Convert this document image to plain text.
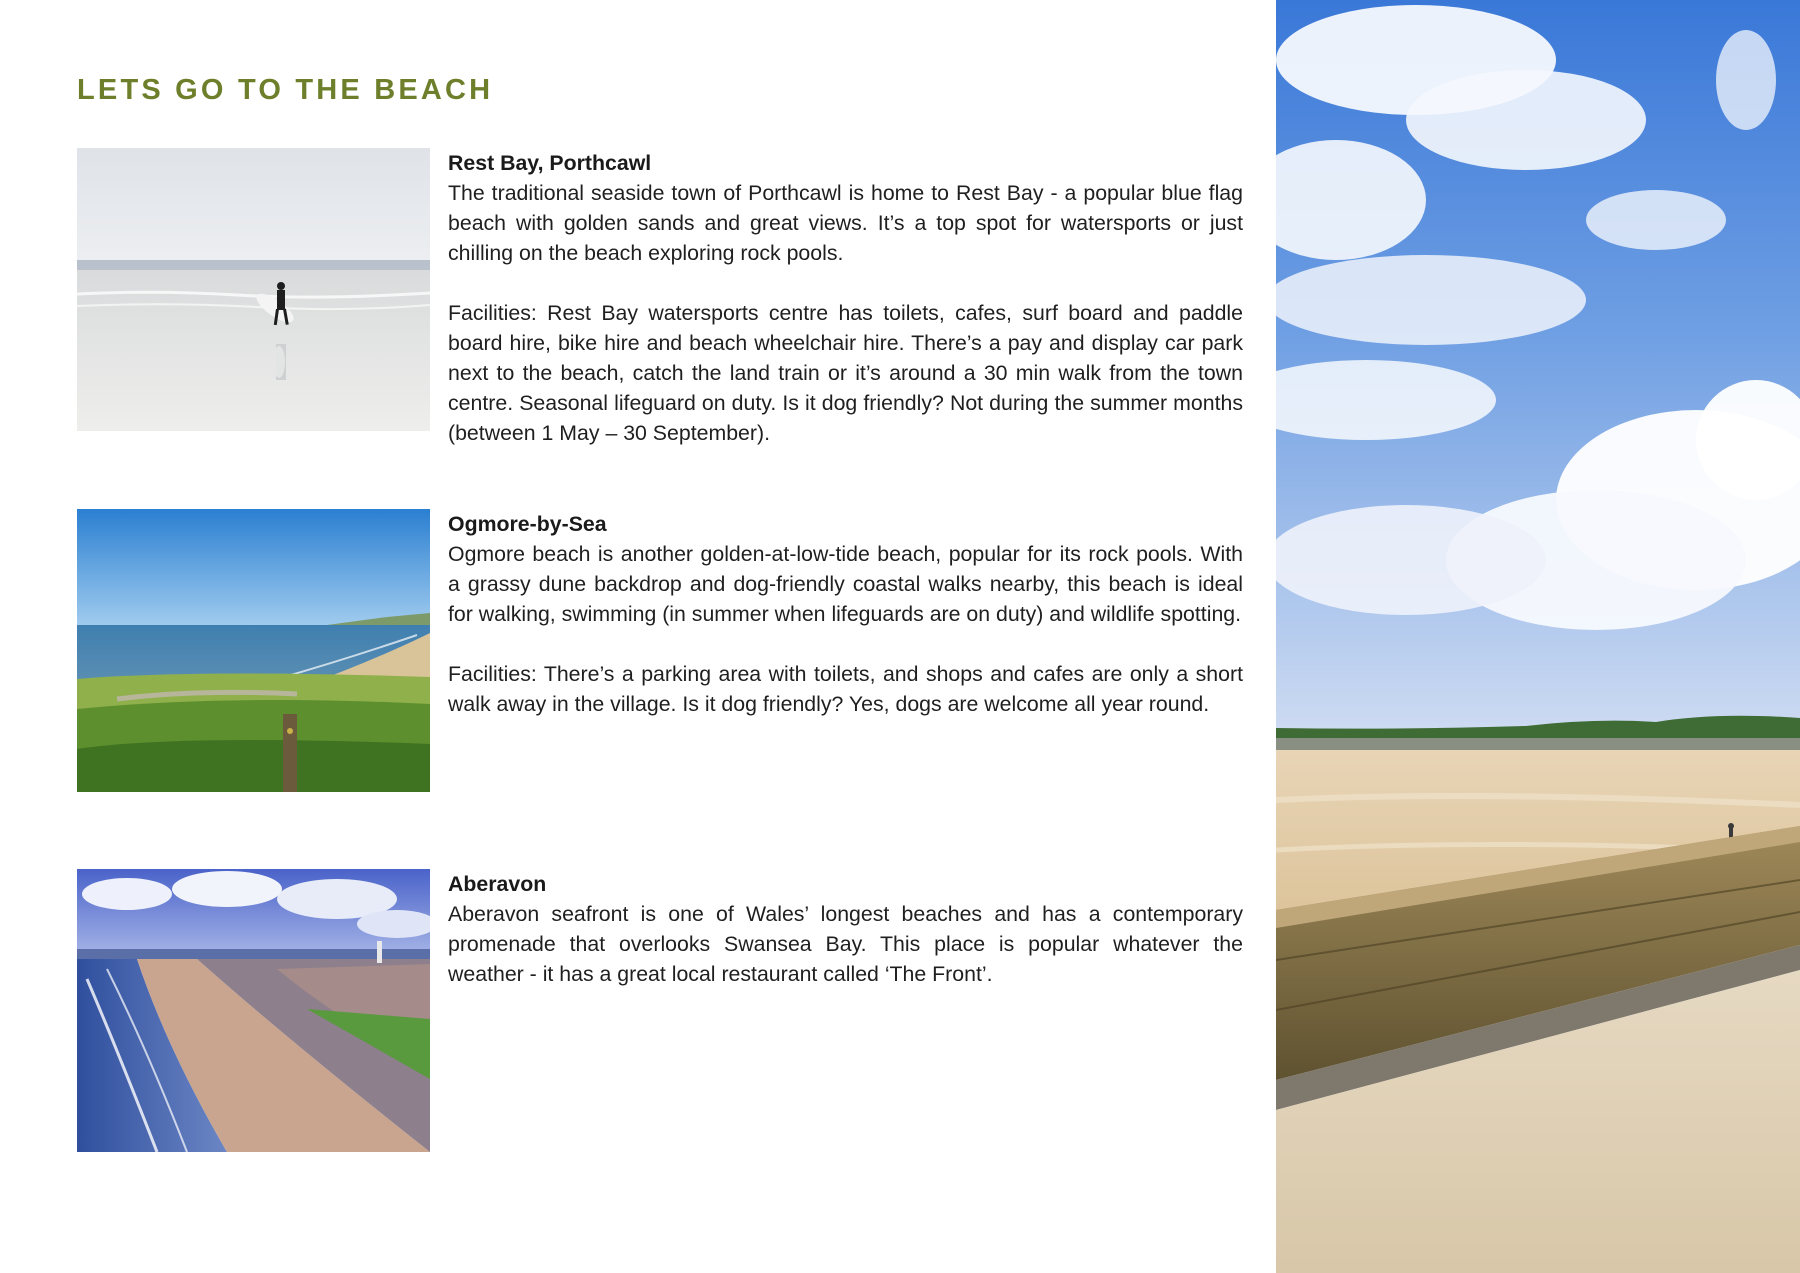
LETS GO TO THE BEACH

Rest Bay, Porthcawl
The traditional seaside town of Porthcawl is home to Rest Bay - a popular blue flag beach with golden sands and great views. It’s a top spot for watersports or just chilling on the beach exploring rock pools.

Facilities: Rest Bay watersports centre has toilets, cafes, surf board and paddle board hire, bike hire and beach wheelchair hire. There’s a pay and display car park next to the beach, catch the land train or it’s around a 30 min walk from the town centre. Seasonal lifeguard on duty. Is it dog friendly? Not during the summer months (between 1 May – 30 September).

Ogmore-by-Sea
Ogmore beach is another golden-at-low-tide beach, popular for its rock pools. With a grassy dune backdrop and dog-friendly coastal walks nearby, this beach is ideal for walking, swimming (in summer when lifeguards are on duty) and wildlife spotting.

Facilities: There’s a parking area with toilets, and shops and cafes are only a short walk away in the village. Is it dog friendly? Yes, dogs are welcome all year round.

Aberavon
Aberavon seafront is one of Wales’ longest beaches and has a contemporary promenade that overlooks Swansea Bay. This place is popular whatever the weather - it has a great local restaurant called ‘The Front’.
